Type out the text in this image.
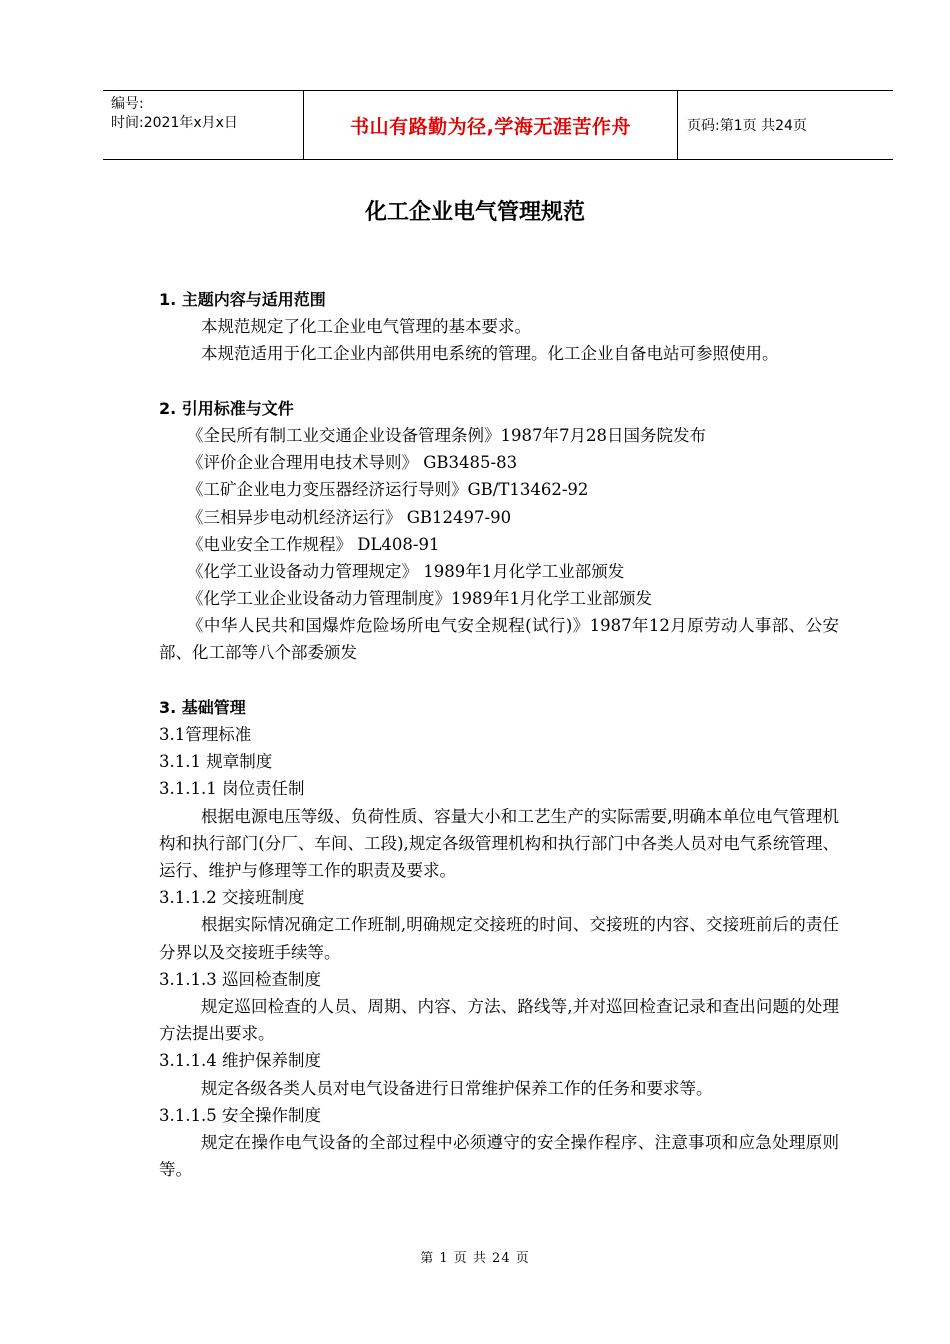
编号:
时间:2021年x月x日	书山有路勤为径,学海无涯苦作舟	页码:第1页 共24页
化工企业电气管理规范
1. 主题内容与适用范围
本规范规定了化工企业电气管理的基本要求。
本规范适用于化工企业内部供用电系统的管理。化工企业自备电站可参照使用。
2. 引用标准与文件
《全民所有制工业交通企业设备管理条例》1987年7月28日国务院发布
《评价企业合理用电技术导则》 GB3485-83
《工矿企业电力变压器经济运行导则》GB/T13462-92
《三相异步电动机经济运行》 GB12497-90
《电业安全工作规程》 DL408-91
《化学工业设备动力管理规定》 1989年1月化学工业部颁发
《化学工业企业设备动力管理制度》1989年1月化学工业部颁发
《中华人民共和国爆炸危险场所电气安全规程(试行)》1987年12月原劳动人事部、公安部、化工部等八个部委颁发
3. 基础管理
3.1管理标准
3.1.1 规章制度
3.1.1.1 岗位责任制
根据电源电压等级、负荷性质、容量大小和工艺生产的实际需要,明确本单位电气管理机构和执行部门(分厂、车间、工段),规定各级管理机构和执行部门中各类人员对电气系统管理、运行、维护与修理等工作的职责及要求。
3.1.1.2 交接班制度
根据实际情况确定工作班制,明确规定交接班的时间、交接班的内容、交接班前后的责任分界以及交接班手续等。
3.1.1.3 巡回检查制度
规定巡回检查的人员、周期、内容、方法、路线等,并对巡回检查记录和查出问题的处理方法提出要求。
3.1.1.4 维护保养制度
规定各级各类人员对电气设备进行日常维护保养工作的任务和要求等。
3.1.1.5 安全操作制度
规定在操作电气设备的全部过程中必须遵守的安全操作程序、注意事项和应急处理原则等。
第 1 页 共 24 页
